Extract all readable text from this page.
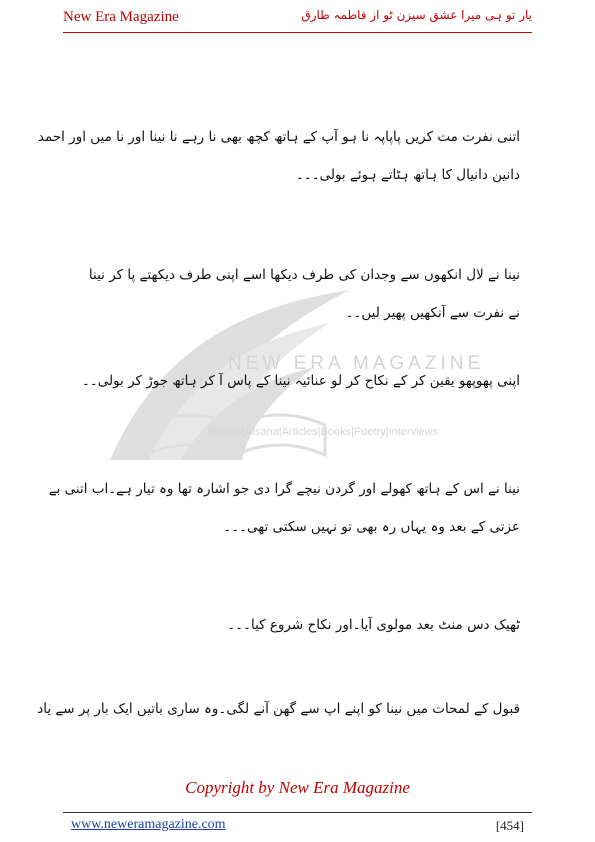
New Era Magazine	یار تو ہی میرا عشق سیزن ٹو از فاطمہ طارق
NEW ERA MAGAZINE
Novels|Afsana|Articles|Books|Poetry|Interviews
اتنی نفرت مت کریں پاپاپہ نا ہو آپ کے ہاتھ کچھ بھی نا رہے نا نینا اور نا میں اور احمد
دانین دانیال کا ہاتھ ہٹاتے ہوئے بولی۔۔۔
نینا نے لال انکھوں سے وجدان کی طرف دیکھا اسے اپنی طرف دیکھتے پا کر نینا
نے نفرت سے آنکھیں پھیر لیں۔۔
اپنی پھوپھو یقین کر کے نکاح کر لو عنائیہ نینا کے پاس آ کر ہاتھ جوڑ کر بولی۔۔
نینا نے اس کے ہاتھ کھولے اور گردن نیچے گرا دی جو اشارہ تھا وہ تیار ہے۔اب اتنی بے
عزتی کے بعد وہ یہاں رہ بھی تو نہیں سکتی تھی۔۔۔
ٹھیک دس منٹ بعد مولوی آیا۔اور نکاح شروع کیا۔۔۔
قبول کے لمحات میں نینا کو اپنے اپ سے گھن آنے لگی۔وہ ساری باتیں ایک بار پر سے یاد
Copyright by New Era Magazine
www.neweramagazine.com	[454]
